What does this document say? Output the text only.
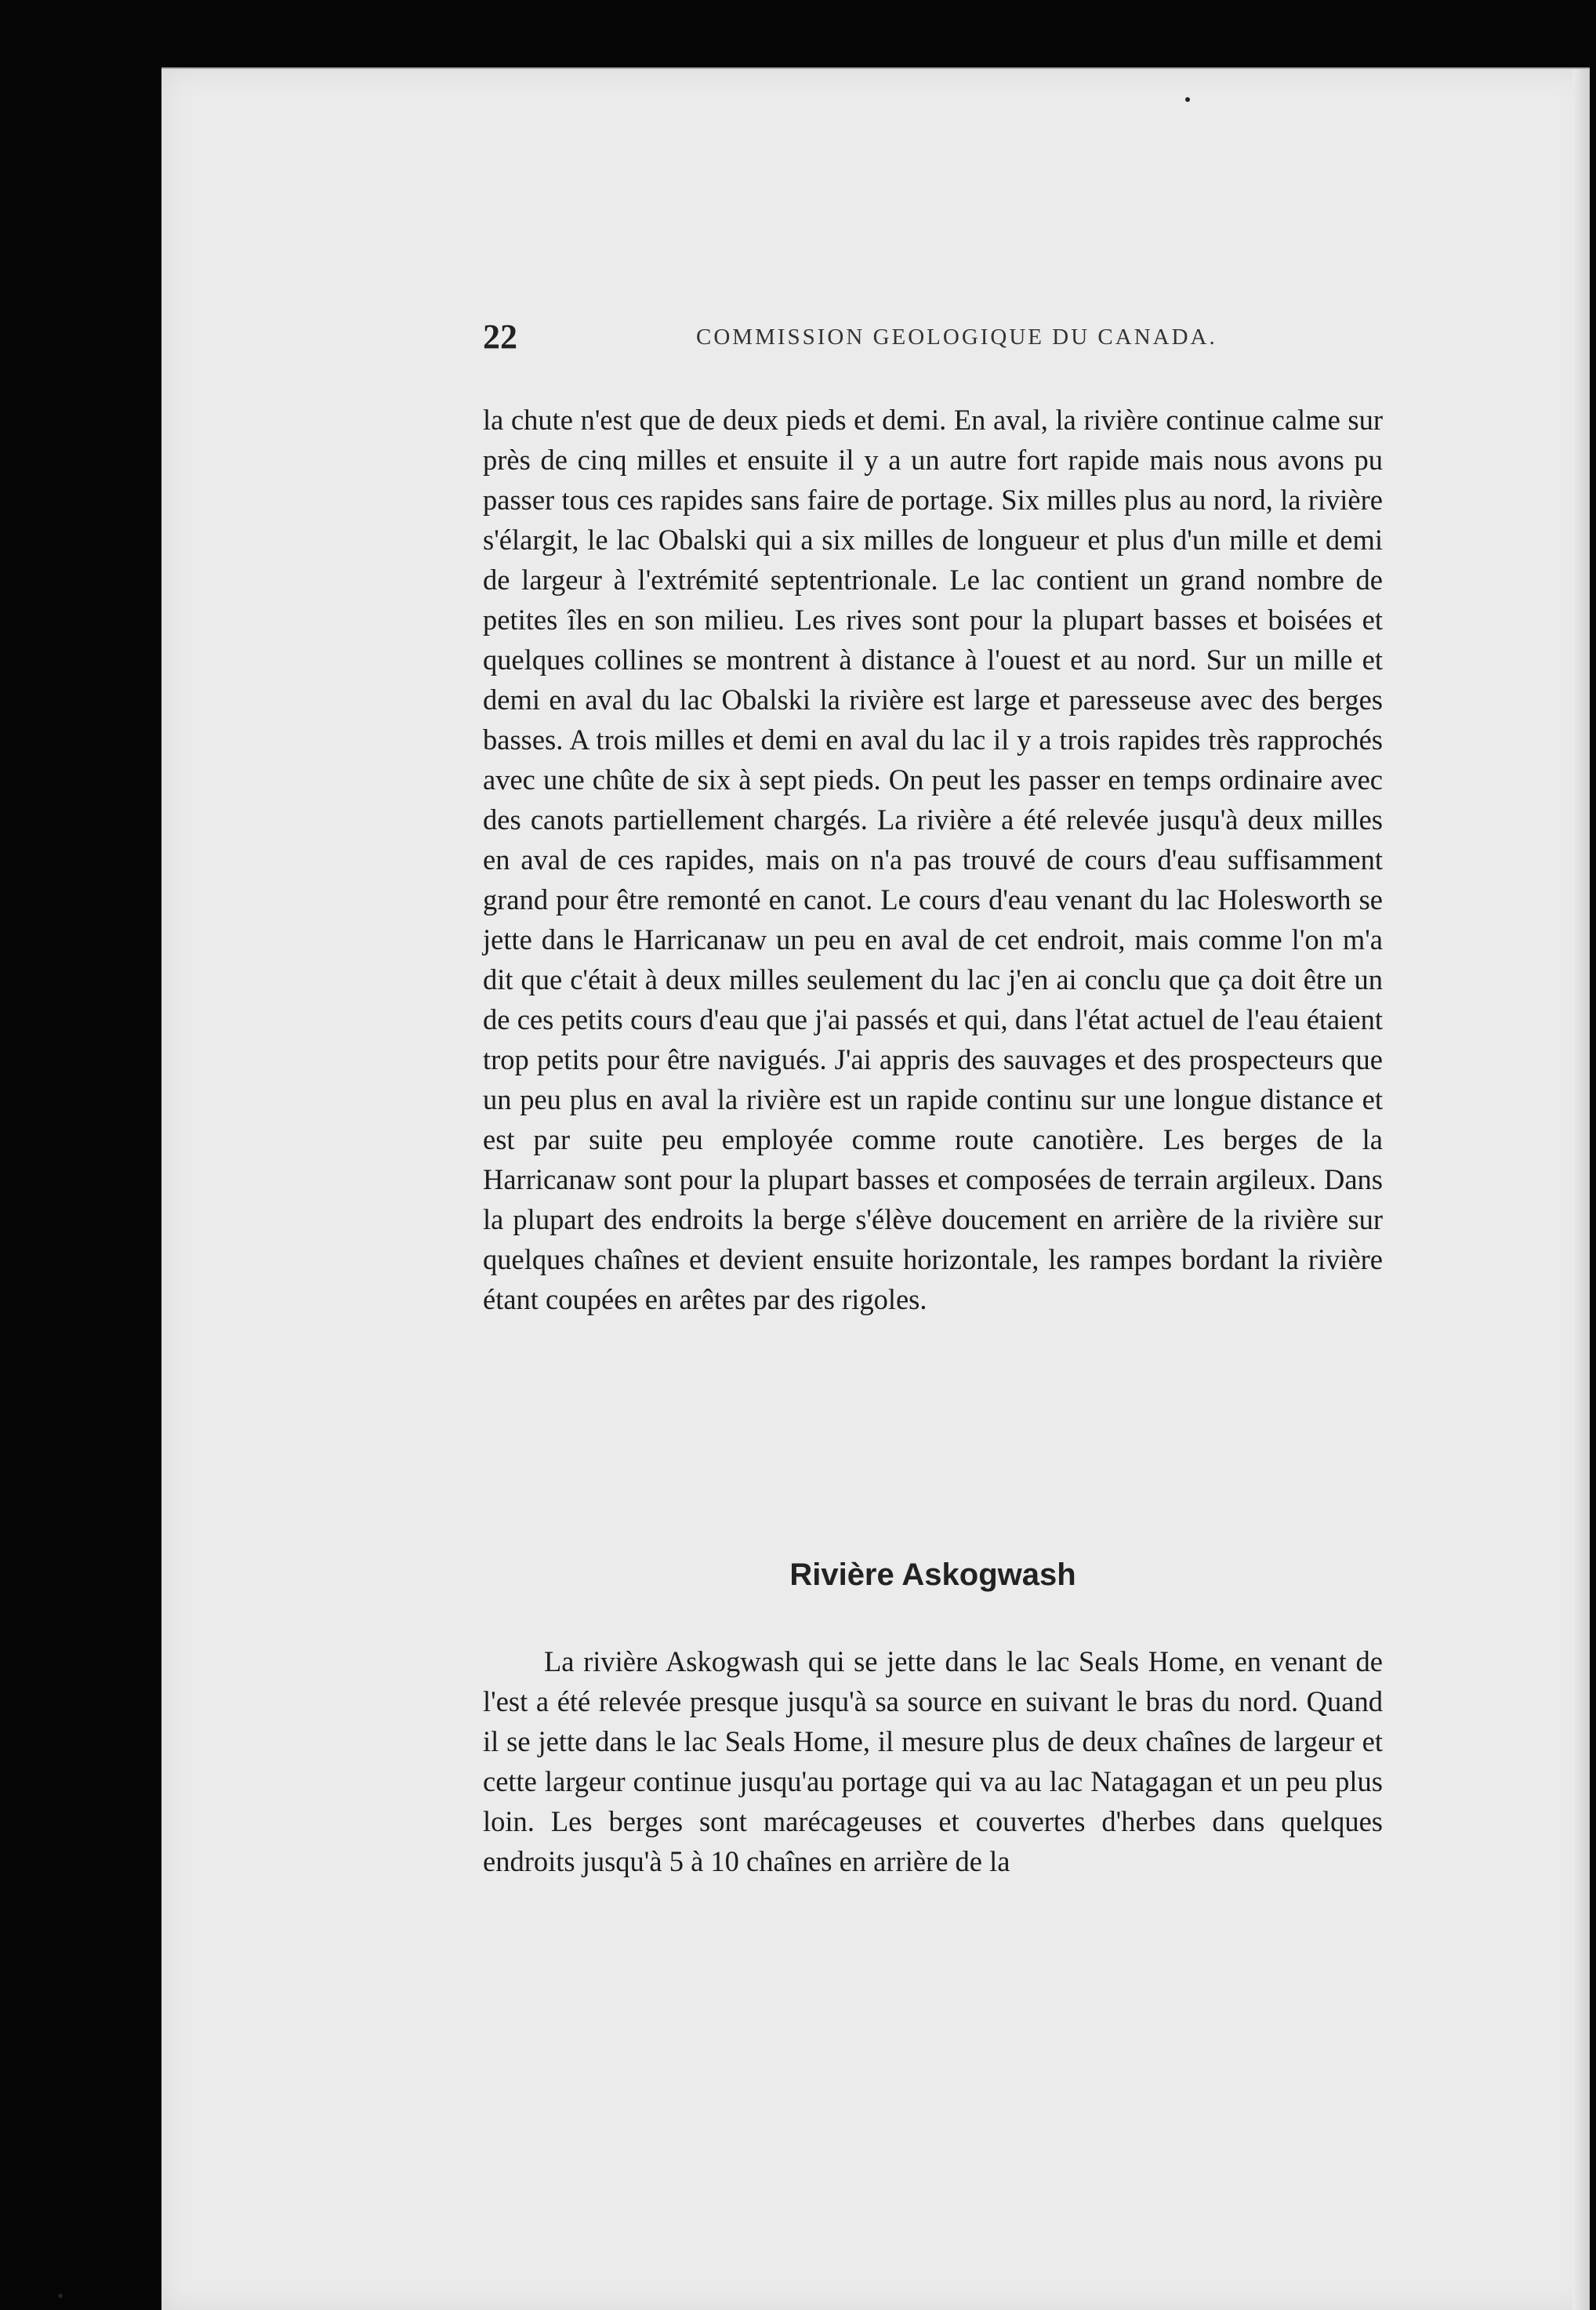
22	COMMISSION GEOLOGIQUE DU CANADA.

la chute n'est que de deux pieds et demi. En aval, la rivière continue calme sur près de cinq milles et ensuite il y a un autre fort rapide mais nous avons pu passer tous ces rapides sans faire de portage. Six milles plus au nord, la rivière s'élargit, le lac Obalski qui a six milles de longueur et plus d'un mille et demi de largeur à l'extrémité septentrionale. Le lac contient un grand nombre de petites îles en son milieu. Les rives sont pour la plupart basses et boisées et quelques collines se montrent à distance à l'ouest et au nord. Sur un mille et demi en aval du lac Obalski la rivière est large et paresseuse avec des berges basses. A trois milles et demi en aval du lac il y a trois rapides très rapprochés avec une chûte de six à sept pieds. On peut les passer en temps ordinaire avec des canots partiellement chargés. La rivière a été relevée jusqu'à deux milles en aval de ces rapides, mais on n'a pas trouvé de cours d'eau suffisamment grand pour être remonté en canot. Le cours d'eau venant du lac Holesworth se jette dans le Harricanaw un peu en aval de cet endroit, mais comme l'on m'a dit que c'était à deux milles seulement du lac j'en ai conclu que ça doit être un de ces petits cours d'eau que j'ai passés et qui, dans l'état actuel de l'eau étaient trop petits pour être navigués. J'ai appris des sauvages et des prospecteurs que un peu plus en aval la rivière est un rapide continu sur une longue distance et est par suite peu employée comme route canotière. Les berges de la Harricanaw sont pour la plupart basses et composées de terrain argileux. Dans la plupart des endroits la berge s'élève doucement en arrière de la rivière sur quelques chaînes et devient ensuite horizontale, les rampes bordant la rivière étant coupées en arêtes par des rigoles.

Rivière Askogwash

La rivière Askogwash qui se jette dans le lac Seals Home, en venant de l'est a été relevée presque jusqu'à sa source en suivant le bras du nord. Quand il se jette dans le lac Seals Home, il mesure plus de deux chaînes de largeur et cette largeur continue jusqu'au portage qui va au lac Natagagan et un peu plus loin. Les berges sont marécageuses et couvertes d'herbes dans quelques endroits jusqu'à 5 à 10 chaînes en arrière de la
